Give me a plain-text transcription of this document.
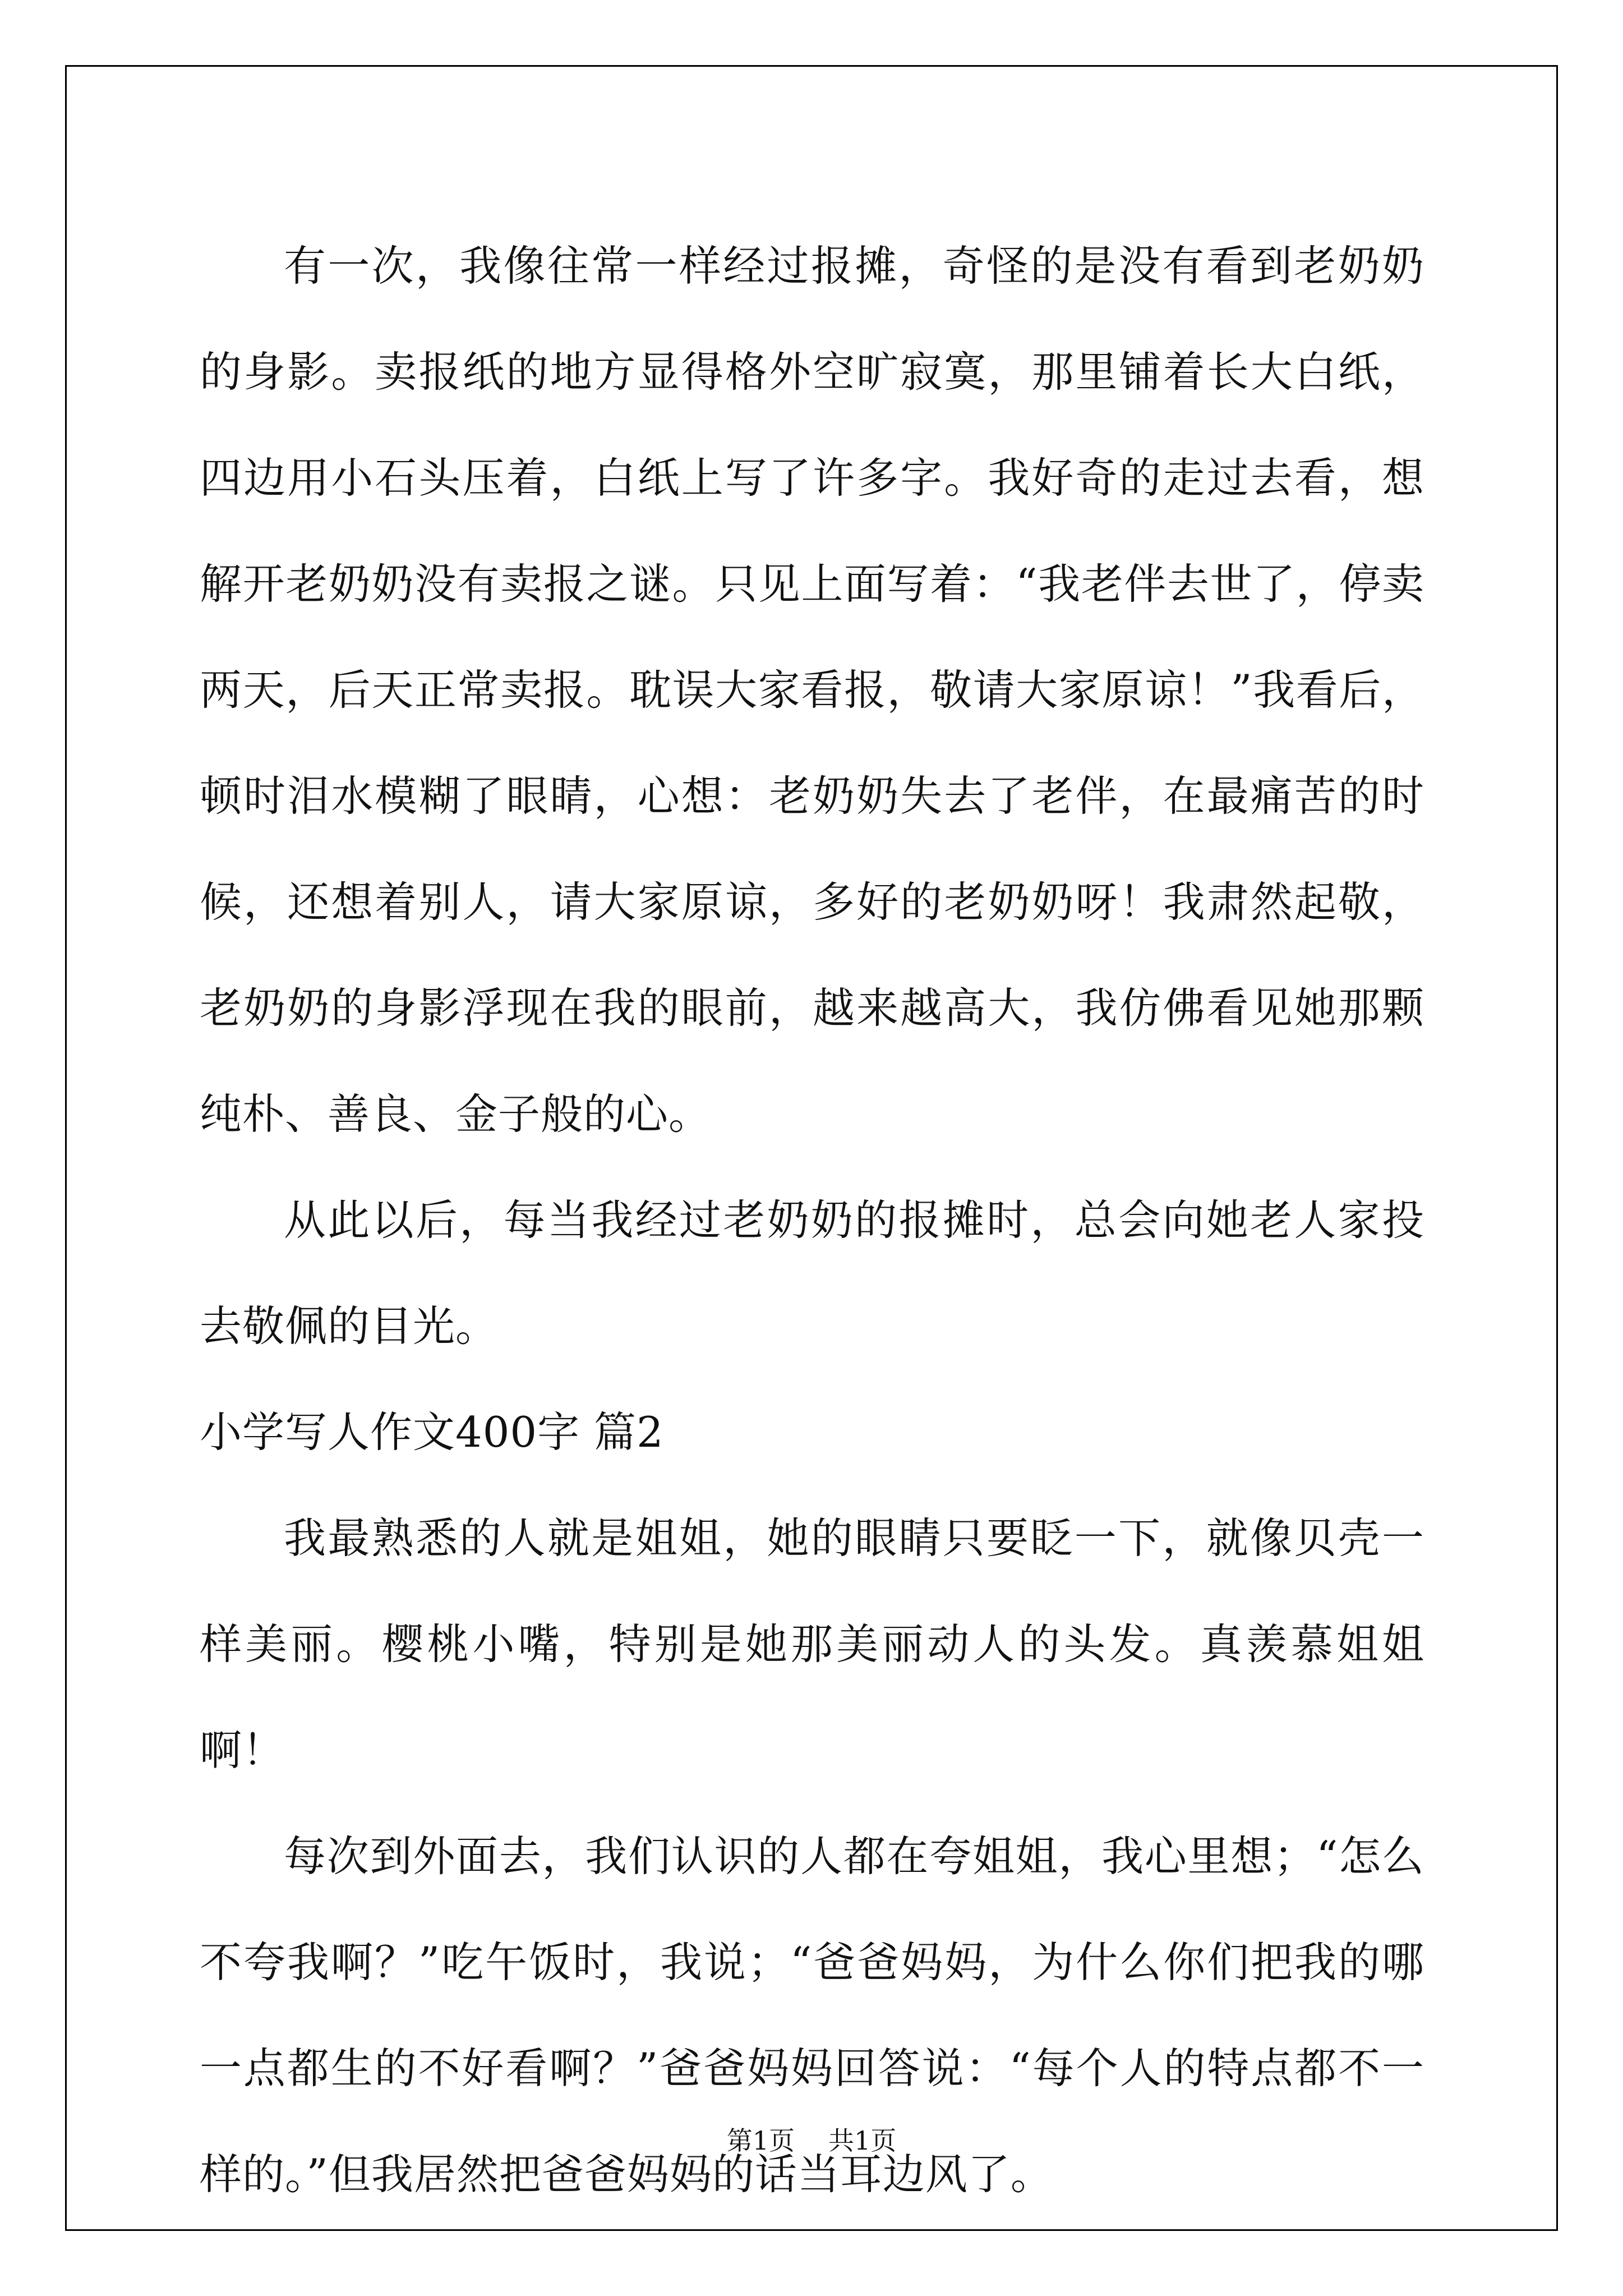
有一次，我像往常一样经过报摊，奇怪的是没有看到老奶奶的身影。卖报纸的地方显得格外空旷寂寞，那里铺着长大白纸，四边用小石头压着，白纸上写了许多字。我好奇的走过去看，想解开老奶奶没有卖报之谜。只见上面写着：“我老伴去世了，停卖两天，后天正常卖报。耽误大家看报，敬请大家原谅！”我看后，顿时泪水模糊了眼睛，心想：老奶奶失去了老伴，在最痛苦的时候，还想着别人，请大家原谅，多好的老奶奶呀！我肃然起敬，老奶奶的身影浮现在我的眼前，越来越高大，我仿佛看见她那颗纯朴、善良、金子般的心。

从此以后，每当我经过老奶奶的报摊时，总会向她老人家投去敬佩的目光。

小学写人作文400字 篇2

我最熟悉的人就是姐姐，她的眼睛只要眨一下，就像贝壳一样美丽。樱桃小嘴，特别是她那美丽动人的头发。真羡慕姐姐啊！

每次到外面去，我们认识的人都在夸姐姐，我心里想；“怎么不夸我啊？”吃午饭时，我说；“爸爸妈妈，为什么你们把我的哪一点都生的不好看啊？”爸爸妈妈回答说：“每个人的特点都不一样的。”但我居然把爸爸妈妈的话当耳边风了。

第1页 共1页
